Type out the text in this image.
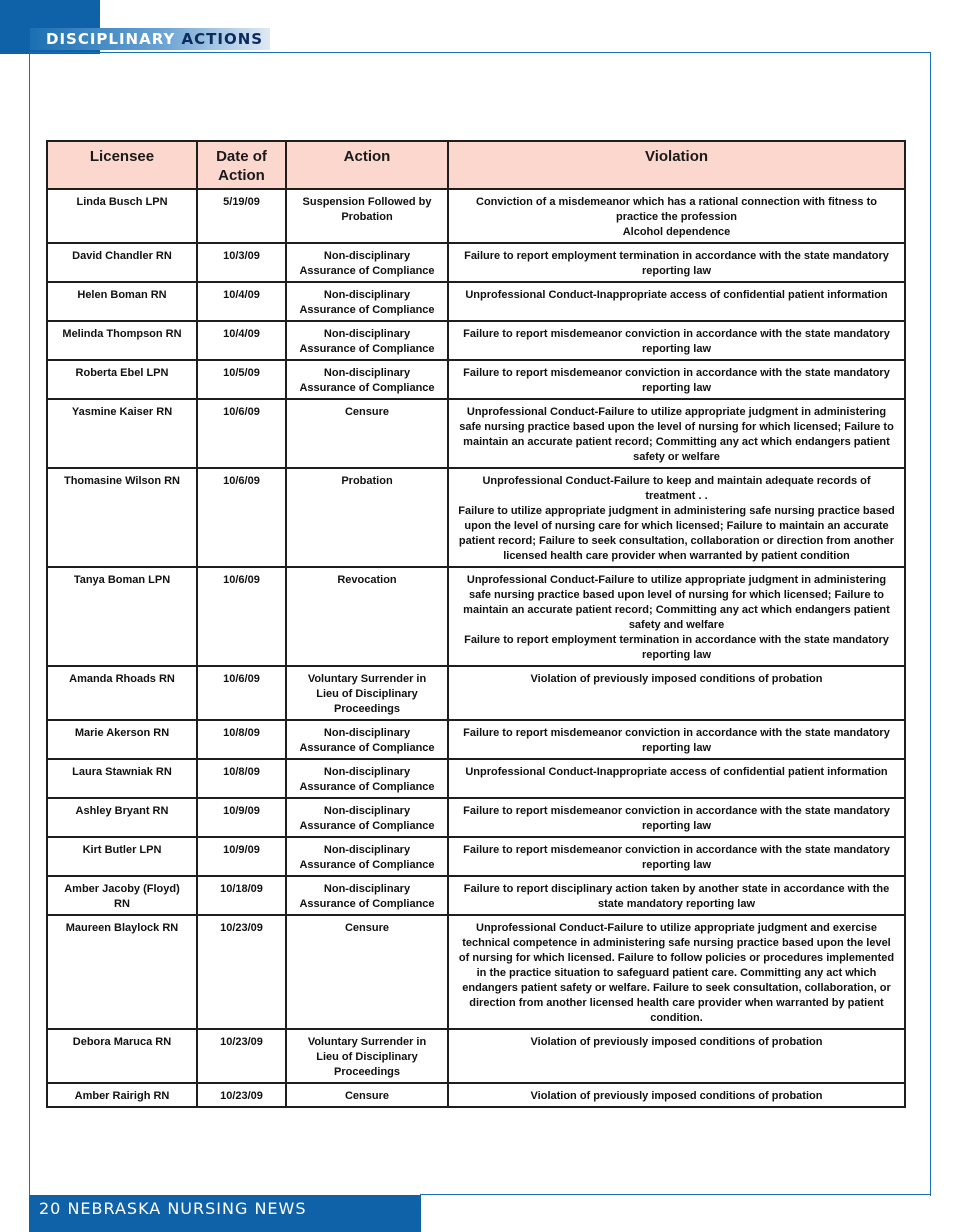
DISCIPLINARY ACTIONS
Licensee	Date of Action	Action	Violation
Linda Busch LPN	5/19/09	Suspension Followed by Probation	Conviction of a misdemeanor which has a rational connection with fitness to practice the profession
Alcohol dependence
David Chandler RN	10/3/09	Non-disciplinary Assurance of Compliance	Failure to report employment termination in accordance with the state mandatory reporting law
Helen Boman RN	10/4/09	Non-disciplinary Assurance of Compliance	Unprofessional Conduct-Inappropriate access of confidential patient information
Melinda Thompson RN	10/4/09	Non-disciplinary Assurance of Compliance	Failure to report misdemeanor conviction in accordance with the state mandatory reporting law
Roberta Ebel LPN	10/5/09	Non-disciplinary Assurance of Compliance	Failure to report misdemeanor conviction in accordance with the state mandatory reporting law
Yasmine Kaiser RN	10/6/09	Censure	Unprofessional Conduct-Failure to utilize appropriate judgment in administering safe nursing practice based upon the level of nursing for which licensed; Failure to maintain an accurate patient record; Committing any act which endangers patient safety or welfare
Thomasine Wilson RN	10/6/09	Probation	Unprofessional Conduct-Failure to keep and maintain adequate records of treatment . .
Failure to utilize appropriate judgment in administering safe nursing practice based upon the level of nursing care for which licensed; Failure to maintain an accurate patient record; Failure to seek consultation, collaboration or direction from another licensed health care provider when warranted by patient condition
Tanya Boman LPN	10/6/09	Revocation	Unprofessional Conduct-Failure to utilize appropriate judgment in administering safe nursing practice based upon level of nursing for which licensed; Failure to maintain an accurate patient record; Committing any act which endangers patient safety and welfare
Failure to report employment termination in accordance with the state mandatory reporting law
Amanda Rhoads RN	10/6/09	Voluntary Surrender in Lieu of Disciplinary Proceedings	Violation of previously imposed conditions of probation
Marie Akerson RN	10/8/09	Non-disciplinary Assurance of Compliance	Failure to report misdemeanor conviction in accordance with the state mandatory reporting law
Laura Stawniak RN	10/8/09	Non-disciplinary Assurance of Compliance	Unprofessional Conduct-Inappropriate access of confidential patient information
Ashley Bryant RN	10/9/09	Non-disciplinary Assurance of Compliance	Failure to report misdemeanor conviction in accordance with the state mandatory reporting law
Kirt Butler LPN	10/9/09	Non-disciplinary Assurance of Compliance	Failure to report misdemeanor conviction in accordance with the state mandatory reporting law
Amber Jacoby (Floyd) RN	10/18/09	Non-disciplinary Assurance of Compliance	Failure to report disciplinary action taken by another state in accordance with the state mandatory reporting law
Maureen Blaylock RN	10/23/09	Censure	Unprofessional Conduct-Failure to utilize appropriate judgment and exercise technical competence in administering safe nursing practice based upon the level of nursing for which licensed. Failure to follow policies or procedures implemented in the practice situation to safeguard patient care. Committing any act which endangers patient safety or welfare. Failure to seek consultation, collaboration, or direction from another licensed health care provider when warranted by patient condition.
Debora Maruca RN	10/23/09	Voluntary Surrender in Lieu of Disciplinary Proceedings	Violation of previously imposed conditions of probation
Amber Rairigh RN	10/23/09	Censure	Violation of previously imposed conditions of probation

20 NEBRASKA NURSING NEWS
